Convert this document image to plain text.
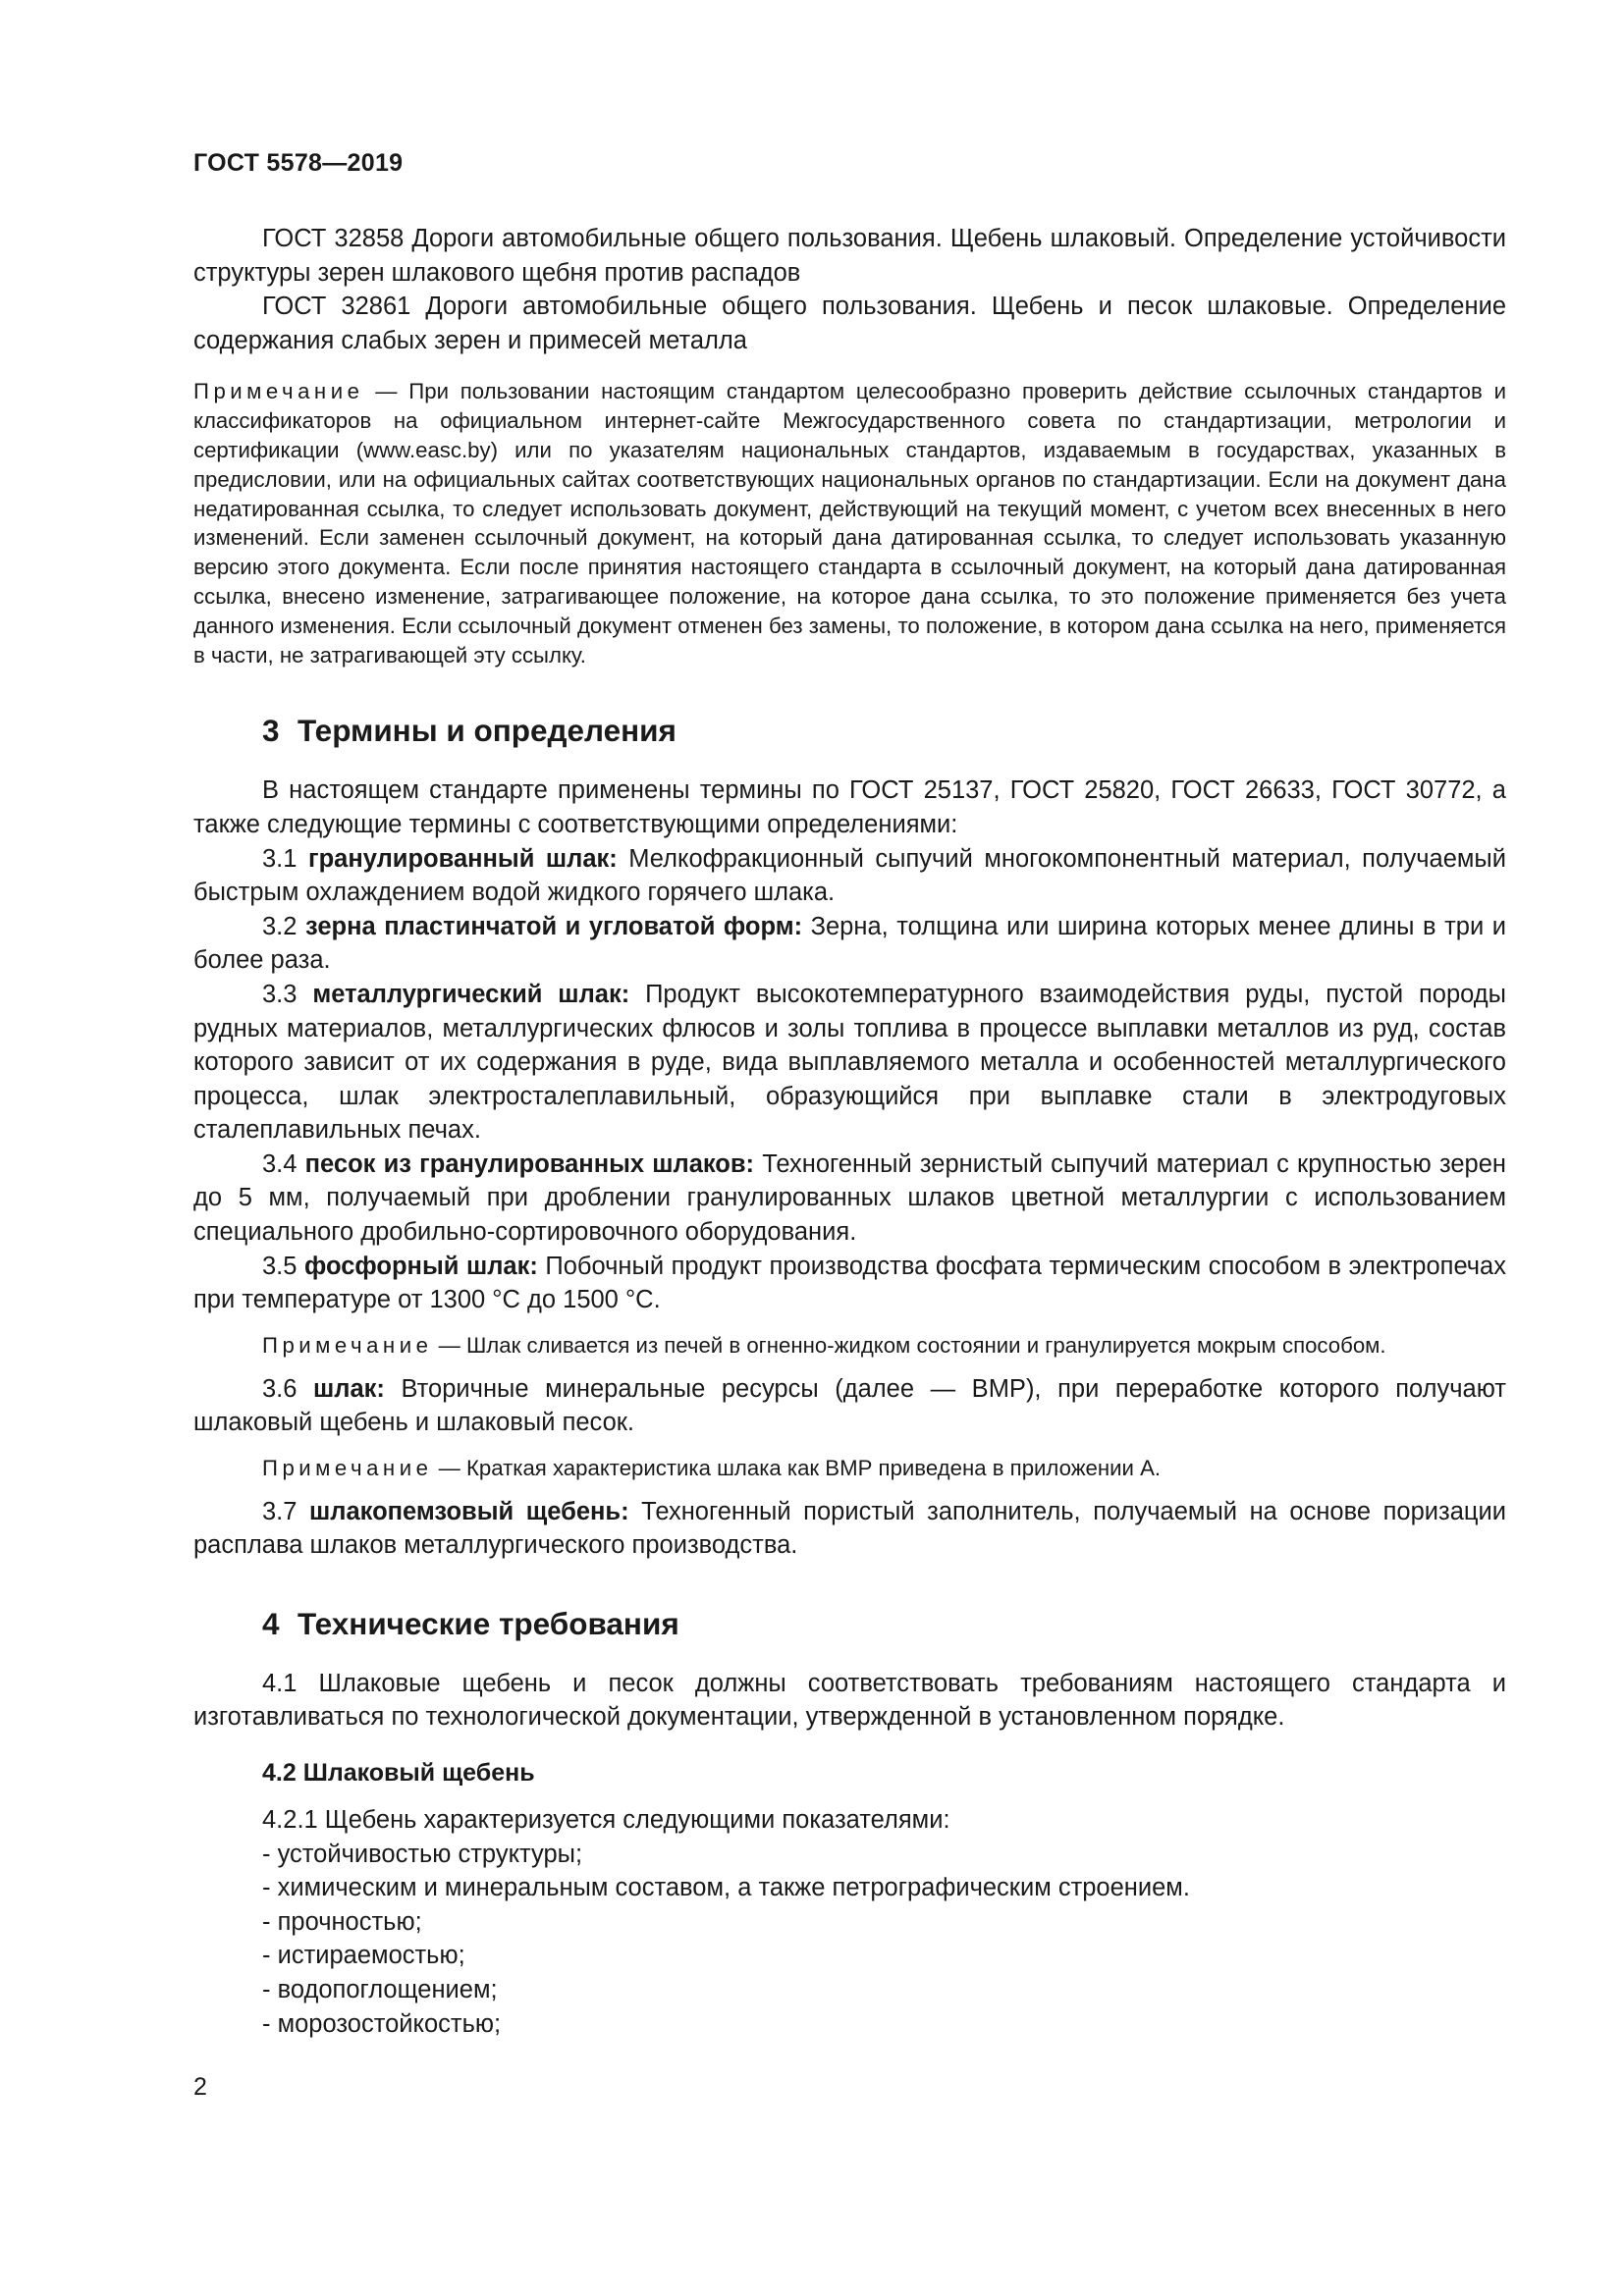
ГОСТ 5578—2019

ГОСТ 32858 Дороги автомобильные общего пользования. Щебень шлаковый. Определение устойчивости структуры зерен шлакового щебня против распадов

ГОСТ 32861 Дороги автомобильные общего пользования. Щебень и песок шлаковые. Определение содержания слабых зерен и примесей металла

Примечание — При пользовании настоящим стандартом целесообразно проверить действие ссылочных стандартов и классификаторов на официальном интернет-сайте Межгосударственного совета по стандартизации, метрологии и сертификации (www.easc.by) или по указателям национальных стандартов, издаваемым в государствах, указанных в предисловии, или на официальных сайтах соответствующих национальных органов по стандартизации. Если на документ дана недатированная ссылка, то следует использовать документ, действующий на текущий момент, с учетом всех внесенных в него изменений. Если заменен ссылочный документ, на который дана датированная ссылка, то следует использовать указанную версию этого документа. Если после принятия настоящего стандарта в ссылочный документ, на который дана датированная ссылка, внесено изменение, затрагивающее положение, на которое дана ссылка, то это положение применяется без учета данного изменения. Если ссылочный документ отменен без замены, то положение, в котором дана ссылка на него, применяется в части, не затрагивающей эту ссылку.

3 Термины и определения

В настоящем стандарте применены термины по ГОСТ 25137, ГОСТ 25820, ГОСТ 26633, ГОСТ 30772, а также следующие термины с соответствующими определениями:

3.1 гранулированный шлак: Мелкофракционный сыпучий многокомпонентный материал, получаемый быстрым охлаждением водой жидкого горячего шлака.

3.2 зерна пластинчатой и угловатой форм: Зерна, толщина или ширина которых менее длины в три и более раза.

3.3 металлургический шлак: Продукт высокотемпературного взаимодействия руды, пустой породы рудных материалов, металлургических флюсов и золы топлива в процессе выплавки металлов из руд, состав которого зависит от их содержания в руде, вида выплавляемого металла и особенностей металлургического процесса, шлак электросталеплавильный, образующийся при выплавке стали в электродуговых сталеплавильных печах.

3.4 песок из гранулированных шлаков: Техногенный зернистый сыпучий материал с крупностью зерен до 5 мм, получаемый при дроблении гранулированных шлаков цветной металлургии с использованием специального дробильно-сортировочного оборудования.

3.5 фосфорный шлак: Побочный продукт производства фосфата термическим способом в электропечах при температуре от 1300 °С до 1500 °С.

Примечание — Шлак сливается из печей в огненно-жидком состоянии и гранулируется мокрым способом.

3.6 шлак: Вторичные минеральные ресурсы (далее — ВМР), при переработке которого получают шлаковый щебень и шлаковый песок.

Примечание — Краткая характеристика шлака как ВМР приведена в приложении А.

3.7 шлакопемзовый щебень: Техногенный пористый заполнитель, получаемый на основе поризации расплава шлаков металлургического производства.

4 Технические требования

4.1 Шлаковые щебень и песок должны соответствовать требованиям настоящего стандарта и изготавливаться по технологической документации, утвержденной в установленном порядке.

4.2 Шлаковый щебень

4.2.1 Щебень характеризуется следующими показателями:

- устойчивостью структуры;

- химическим и минеральным составом, а также петрографическим строением.

- прочностью;

- истираемостью;

- водопоглощением;

- морозостойкостью;

2
